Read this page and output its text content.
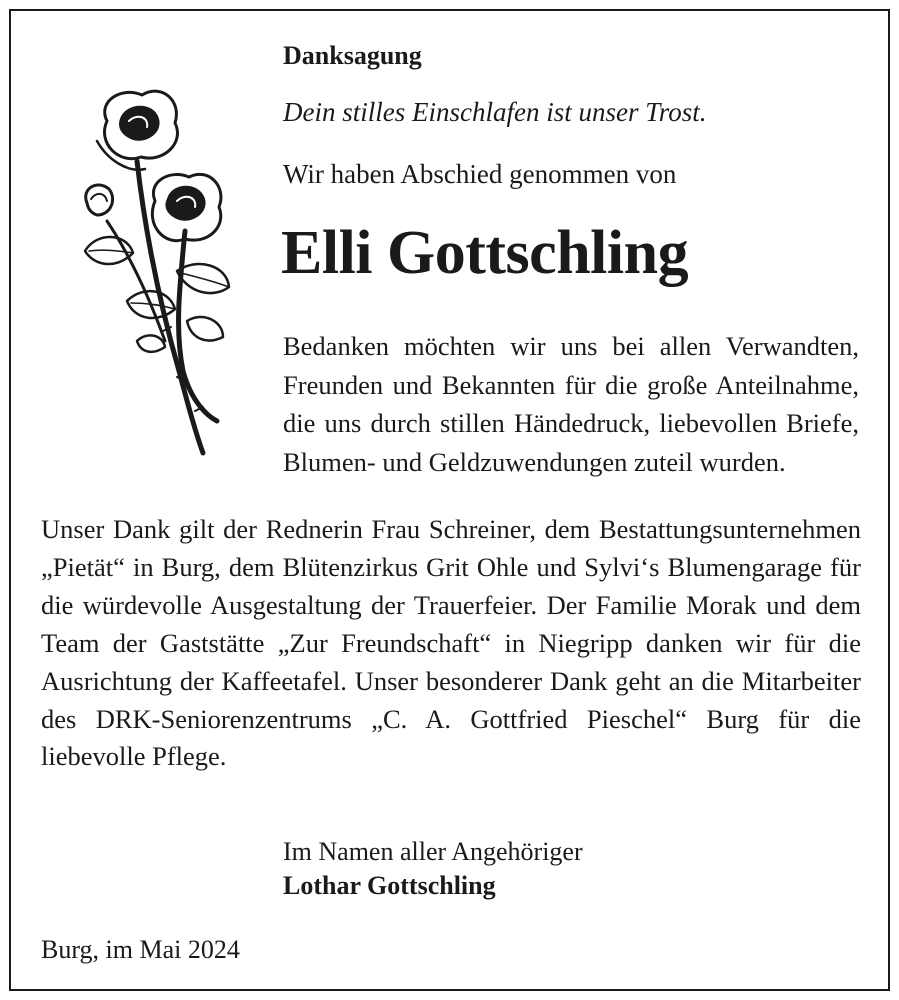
Danksagung
Dein stilles Einschlafen ist unser Trost.
Wir haben Abschied genommen von
Elli Gottschling

Bedanken möchten wir uns bei allen Verwandten, Freunden und Bekannten für die große Anteilnahme, die uns durch stillen Händedruck, liebevollen Briefe, Blumen- und Geldzuwendungen zuteil wurden.

Unser Dank gilt der Rednerin Frau Schreiner, dem Bestattungsunternehmen „Pietät“ in Burg, dem Blütenzirkus Grit Ohle und Sylvi‘s Blumengarage für die würdevolle Ausgestaltung der Trauerfeier. Der Familie Morak und dem Team der Gaststätte „Zur Freundschaft“ in Niegripp danken wir für die Ausrichtung der Kaffeetafel. Unser besonderer Dank geht an die Mitarbeiter des DRK-Seniorenzentrums „C. A. Gottfried Pieschel“ Burg für die liebevolle Pflege.

Im Namen aller Angehöriger
Lothar Gottschling
Burg, im Mai 2024
